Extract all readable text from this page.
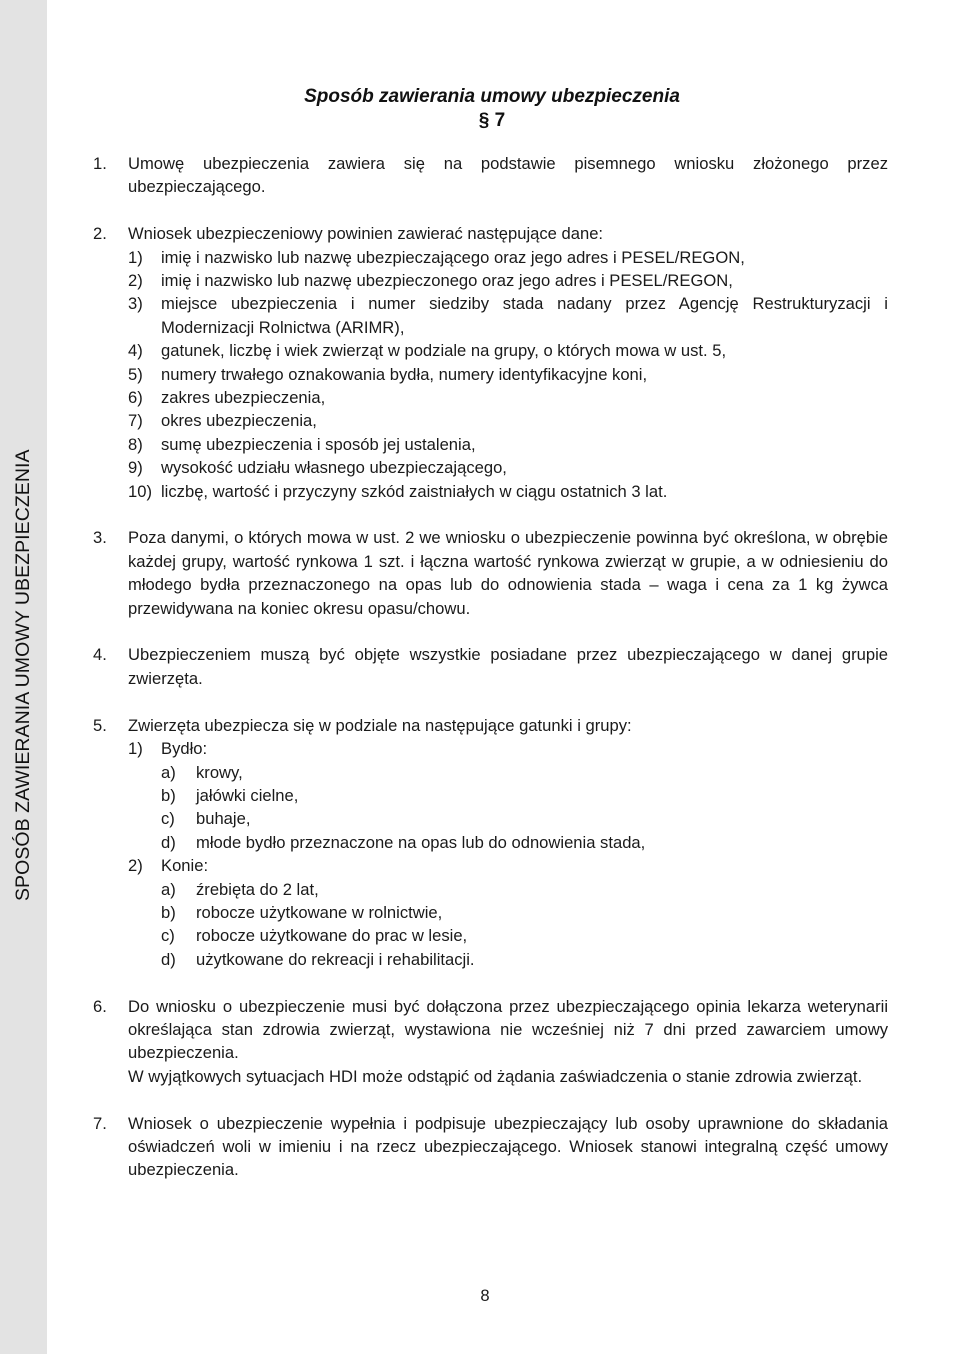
SPOSÓB ZAWIERANIA UMOWY UBEZPIECZENIA
Sposób zawierania umowy ubezpieczenia
§ 7
1. Umowę ubezpieczenia zawiera się na podstawie pisemnego wniosku złożonego przez ubezpieczającego.
2. Wniosek ubezpieczeniowy powinien zawierać następujące dane:
1) imię i nazwisko lub nazwę ubezpieczającego oraz jego adres i PESEL/REGON,
2) imię i nazwisko lub nazwę ubezpieczonego oraz jego adres i PESEL/REGON,
3) miejsce ubezpieczenia i numer siedziby stada nadany przez Agencję Restrukturyzacji i Modernizacji Rolnictwa (ARIMR),
4) gatunek, liczbę i wiek zwierząt w podziale na grupy, o których mowa w ust. 5,
5) numery trwałego oznakowania bydła, numery identyfikacyjne koni,
6) zakres ubezpieczenia,
7) okres ubezpieczenia,
8) sumę ubezpieczenia i sposób jej ustalenia,
9) wysokość udziału własnego ubezpieczającego,
10) liczbę, wartość i przyczyny szkód zaistniałych w ciągu ostatnich 3 lat.
3. Poza danymi, o których mowa w ust. 2 we wniosku o ubezpieczenie powinna być określona, w obrębie każdej grupy, wartość rynkowa 1 szt. i łączna wartość rynkowa zwierząt w grupie, a w odniesieniu do młodego bydła przeznaczonego na opas lub do odnowienia stada – waga i cena za 1 kg żywca przewidywana na koniec okresu opasu/chowu.
4. Ubezpieczeniem muszą być objęte wszystkie posiadane przez ubezpieczającego w danej grupie zwierzęta.
5. Zwierzęta ubezpiecza się w podziale na następujące gatunki i grupy:
1) Bydło:
a) krowy,
b) jałówki cielne,
c) buhaje,
d) młode bydło przeznaczone na opas lub do odnowienia stada,
2) Konie:
a) źrebięta do 2 lat,
b) robocze użytkowane w rolnictwie,
c) robocze użytkowane do prac w lesie,
d) użytkowane do rekreacji i rehabilitacji.
6. Do wniosku o ubezpieczenie musi być dołączona przez ubezpieczającego opinia lekarza weterynarii określająca stan zdrowia zwierząt, wystawiona nie wcześniej niż 7 dni przed zawarciem umowy ubezpieczenia.
W wyjątkowych sytuacjach HDI może odstąpić od żądania zaświadczenia o stanie zdrowia zwierząt.
7. Wniosek o ubezpieczenie wypełnia i podpisuje ubezpieczający lub osoby uprawnione do składania oświadczeń woli w imieniu i na rzecz ubezpieczającego. Wniosek stanowi integralną część umowy ubezpieczenia.
8
